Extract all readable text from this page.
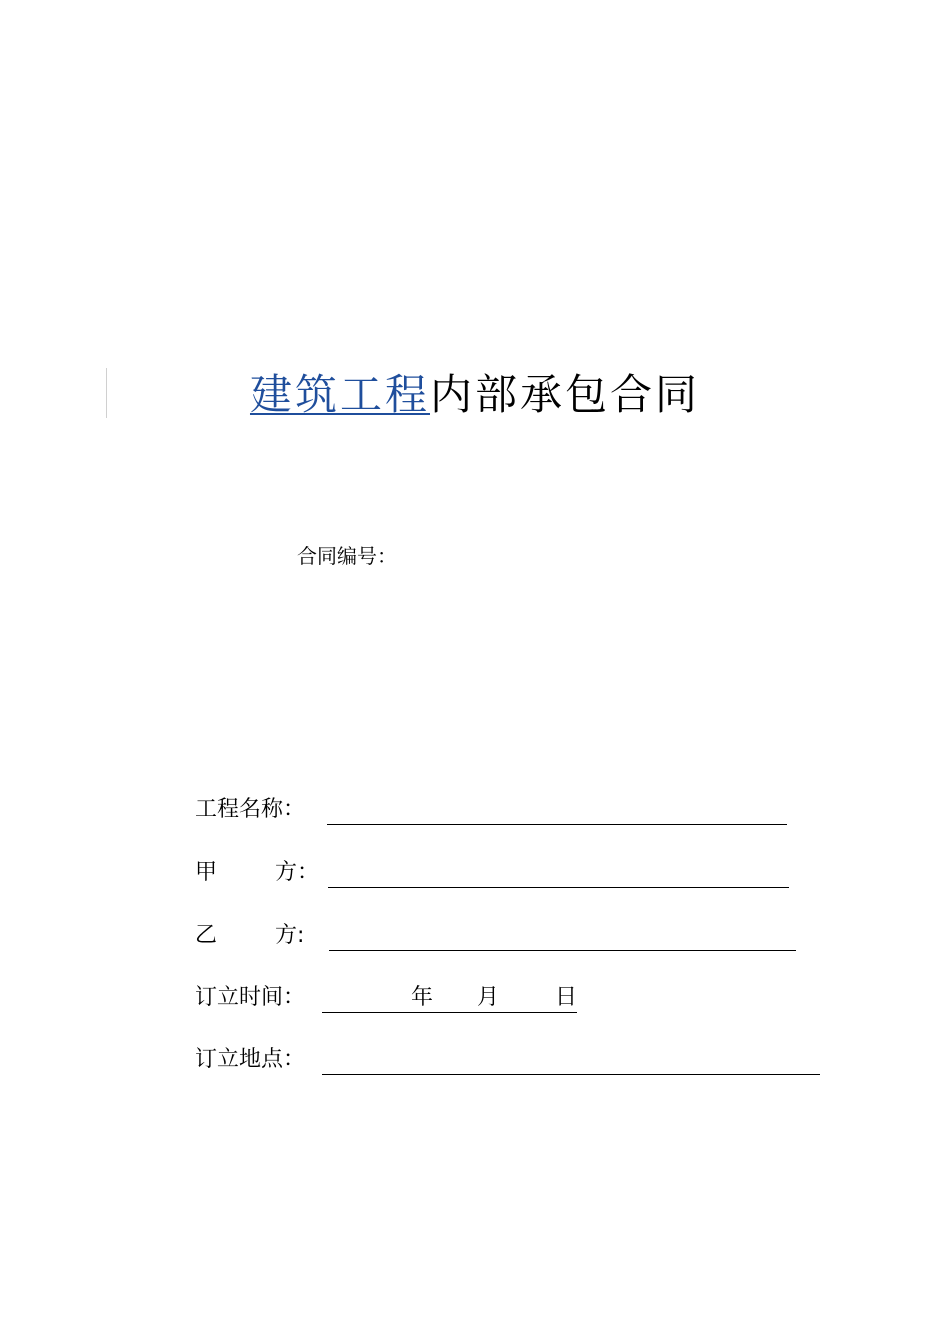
建筑工程内部承包合同
合同编号：
工程名称：
甲	方：
乙	方:
订立时间：	年 月	日
订立地点：
